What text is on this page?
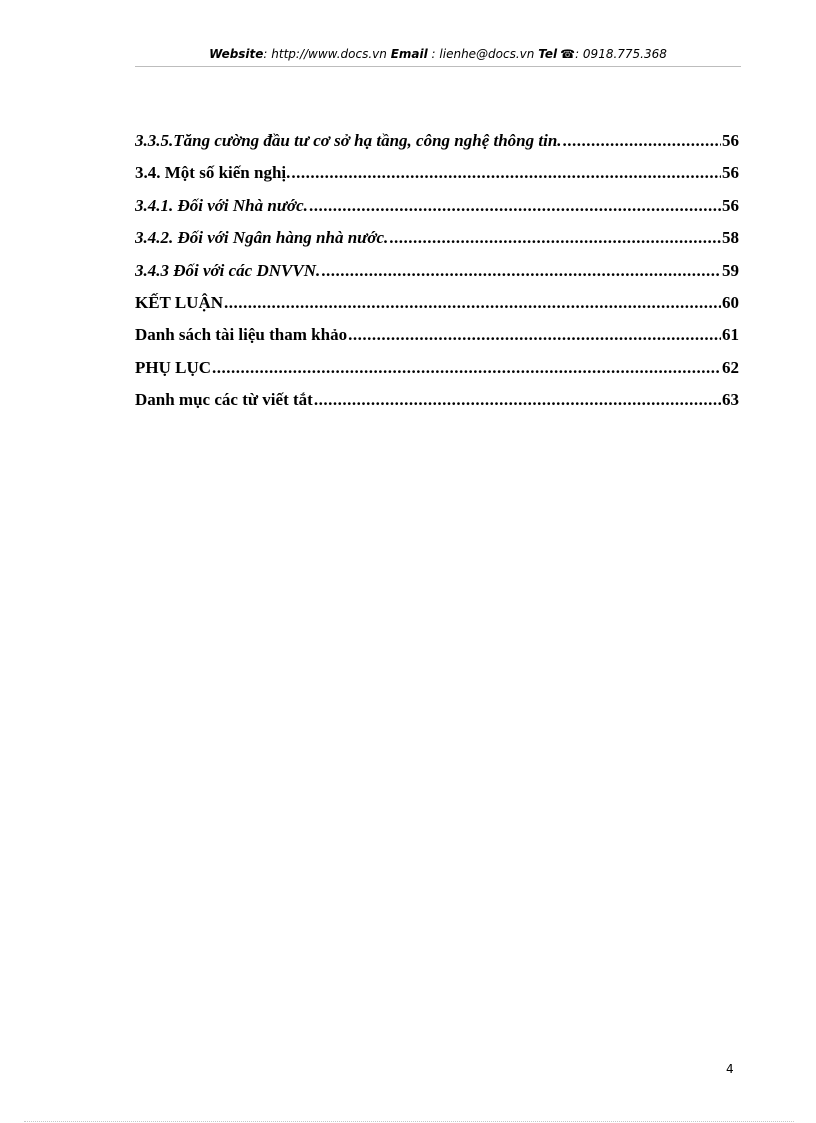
Website: http://www.docs.vn Email : lienhe@docs.vn Tel ☎: 0918.775.368
3.3.5.Tăng cường đầu tư cơ sở hạ tầng, công nghệ thông tin. .....	56
3.4. Một số kiến nghị. .....	56
3.4.1. Đối với Nhà nước. .....	56
3.4.2. Đối với Ngân hàng nhà nước. .....	58
3.4.3 Đối với các DNVVN. .....	59
KẾT LUẬN .....	60
Danh sách tài liệu tham khảo .....	61
PHỤ LỤC .....	62
Danh mục các từ viết tắt .....	63
4
